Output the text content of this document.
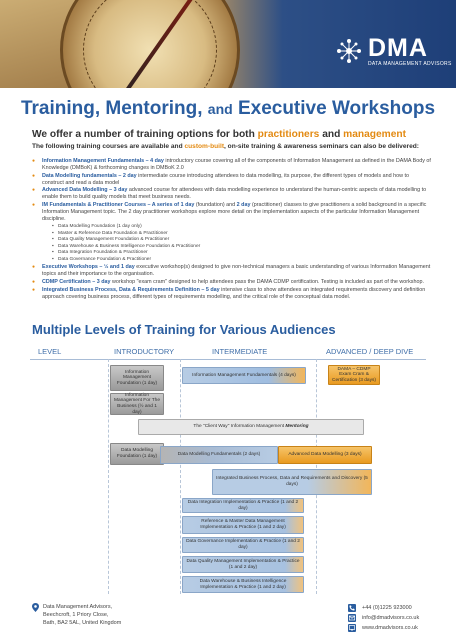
DMA
DATA MANAGEMENT ADVISORS
Training, Mentoring, and Executive Workshops
We offer a number of training options for both practitioners and management
The following training courses are available and custom-built, on-site training & awareness seminars can also be delivered:
● Information Management Fundamentals – 4 day introductory course covering all of the components of Information Management as defined in the DAMA Body of Knowledge (DMBoK) & forthcoming changes in DMBoK 2.0
● Data Modelling fundamentals – 2 day intermediate course introducing attendees to data modelling, its purpose, the different types of models and how to construct and read a data model
● Advanced Data Modelling – 3 day advanced course for attendees with data modelling experience to understand the human-centric aspects of data modelling to enable them to build quality models that meet business needs.
● IM Fundamentals & Practitioner Courses – A series of 1 day (foundation) and 2 day (practitioner) classes to give practitioners a solid background in a specific Information Management topic. The 2 day practitioner workshops explore more detail on the implementation aspects of the particular Information Management discipline.
▪ Data Modelling Foundation (1 day only)
▪ Master & Reference Data Foundation & Practitioner
▪ Data Quality Management Foundation & Practitioner
▪ Data Warehouse & Business Intelligence Foundation & Practitioner
▪ Data Integration Foundation & Practitioner
▪ Data Governance Foundation & Practitioner
● Executive Workshops – ½ and 1 day executive workshop(s) designed to give non-technical managers a basic understanding of various Information Management topics and their importance to the organisation.
● CDMP Certification – 3 day workshop "exam cram" designed to help attendees pass the DAMA CDMP certification. Testing is included as part of the workshop.
● Integrated Business Process, Data & Requirements Definition – 5 day intensive class to show attendees an integrated requirements discovery and definition approach covering business process, different types of requirements modelling, and the critical role of the conceptual data model.
Multiple Levels of Training for Various Audiences
LEVEL	INTRODUCTORY	INTERMEDIATE	ADVANCED / DEEP DIVE
Information Management Foundation (1 day)
Information Management Fundamentals (4 days)
DAMA – CDMP Exam Cram & Certification (3 days)
Information Management For The Business (½ and 1 day)
The "Client Way" Information Management
Mentoring
Data Modelling Foundation (1 day)	Data Modelling Fundamentals (2 days)	Advanced Data Modelling (3 days)
Integrated Business Process, Data and Requirements and Discovery (5 days)
Data Integration Implementation & Practice (1 and 2 day)
Reference & Master Data Management Implementation & Practice (1 and 2 day)
Data Governance Implementation & Practice (1 and 2 day)
Data Quality Management Implementation & Practice (1 and 2 day)
Data Warehouse & Business Intelligence Implementation & Practice (1 and 2 day)
Data Management Advisors,
Beechcroft, 1 Priory Close,
Bath, BA2 5AL, United Kingdom
+44 (0)1225 923000
info@dmadvisors.co.uk
www.dmadvisors.co.uk
